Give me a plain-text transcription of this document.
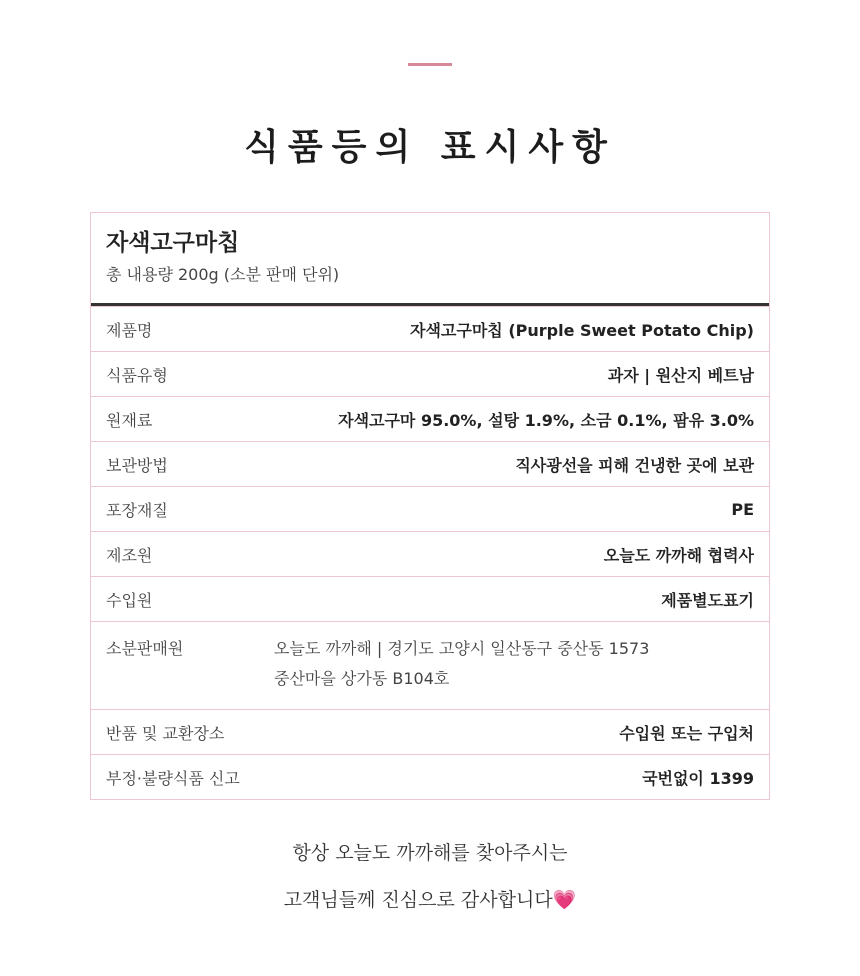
식품등의 표시사항
자색고구마칩
총 내용량 200g (소분 판매 단위)
제품명	자색고구마칩 (Purple Sweet Potato Chip)
식품유형	과자 | 원산지 베트남
원재료	자색고구마 95.0%, 설탕 1.9%, 소금 0.1%, 팜유 3.0%
보관방법	직사광선을 피해 건냉한 곳에 보관
포장재질	PE
제조원	오늘도 까까해 협력사
수입원	제품별도표기
소분판매원	오늘도 까까해 | 경기도 고양시 일산동구 중산동 1573
중산마을 상가동 B104호
반품 및 교환장소	수입원 또는 구입처
부정·불량식품 신고	국번없이 1399
항상 오늘도 까까해를 찾아주시는
고객님들께 진심으로 감사합니다💗
